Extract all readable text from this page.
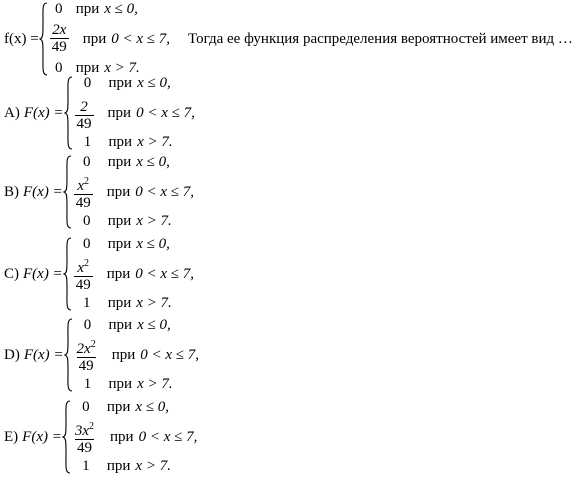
f(x) =
0 при x ≤ 0,
$\frac{2x}{49}$ при 0 < x ≤ 7, Тогда ее функция распределения вероятностей имеет вид …
0 при x > 7.
A) F(x) =
0	при x ≤ 0,
$\frac{2}{49}$ при 0 < x ≤ 7,
1	при x > 7.
B) F(x) =
0	при x ≤ 0,
$\frac{x^2}{49}$ при 0 < x ≤ 7,
0	при x > 7.
C) F(x) =
0	при x ≤ 0,
$\frac{x^2}{49}$ при 0 < x ≤ 7,
1	при x > 7.
D) F(x) =
0	при x ≤ 0,
$\frac{2x^2}{49}$ при 0 < x ≤ 7,
1	при x > 7.
E) F(x) =
0	при x ≤ 0,
$\frac{3x^2}{49}$ при 0 < x ≤ 7,
1	при x > 7.
